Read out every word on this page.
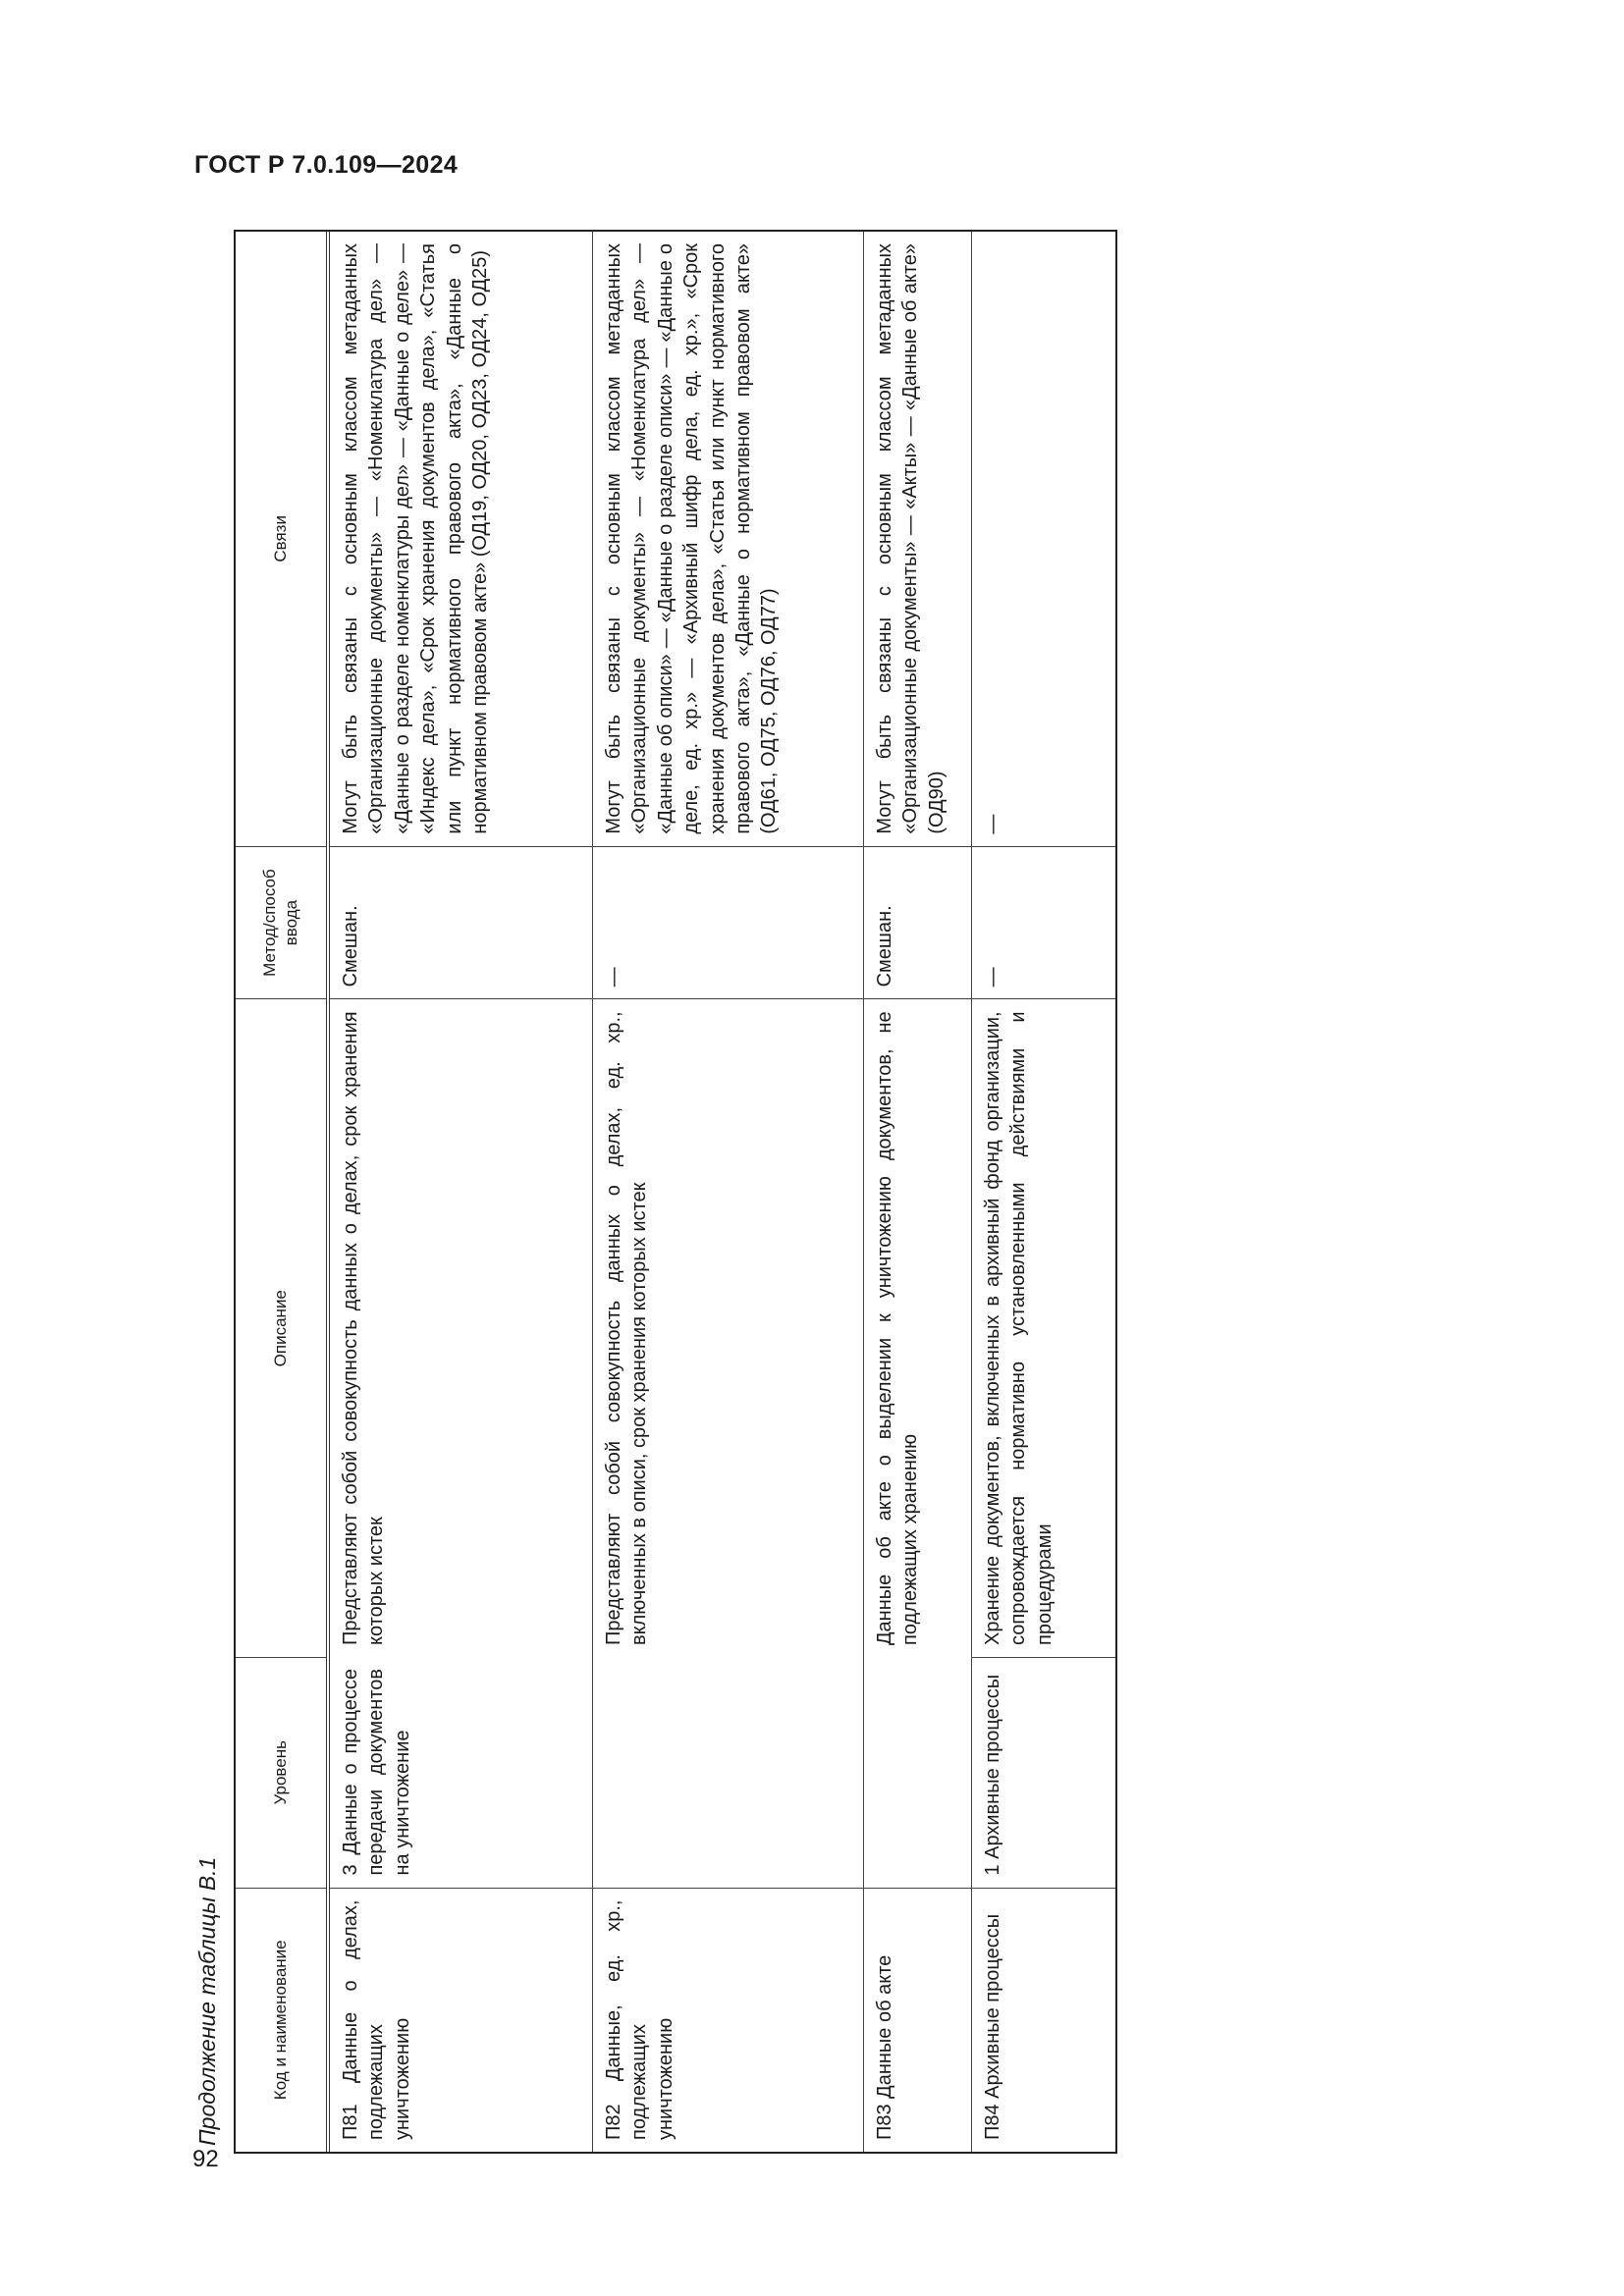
ГОСТ Р 7.0.109—2024
92
Продолжение таблицы В.1	Код и наименование
Уровень
Описание
Метод/способ ввода
Связи
П81 Данные о делах, подлежащих уничтожению
3 Данные о процессе передачи документов на уничтожение
Представляют собой совокупность данных о делах, срок хранения которых истек
Смешан.
Могут быть связаны с основным классом метаданных «Организационные документы» — «Номенклатура дел» — «Данные о разделе номенклатуры дел» — «Данные о деле» — «Индекс дела», «Срок хранения документов дела», «Статья или пункт нормативного правового акта», «Данные о нормативном правовом акте» (ОД19, ОД20, ОД23, ОД24, ОД25)
П82 Данные, ед. хр., подлежащих уничтожению
Представляют собой совокупность данных о делах, ед. хр., включенных в описи, срок хранения которых истек
—
Могут быть связаны с основным классом метаданных «Организационные документы» — «Номенклатура дел» — «Данные об описи» — «Данные о разделе описи» — «Данные о деле, ед. хр.» — «Архивный шифр дела, ед. хр.», «Срок хранения документов дела», «Статья или пункт нормативного правового акта», «Данные о нормативном правовом акте» (ОД61, ОД75, ОД76, ОД77)
П83 Данные об акте
Данные об акте о выделении к уничтожению документов, не подлежащих хранению
Смешан.
Могут быть связаны с основным классом метаданных «Организационные документы» — «Акты» — «Данные об акте» (ОД90)
П84 Архивные процессы
1 Архивные процессы
Хранение документов, включенных в архивный фонд организации, сопровождается нормативно установленными действиями и процедурами
—
—
